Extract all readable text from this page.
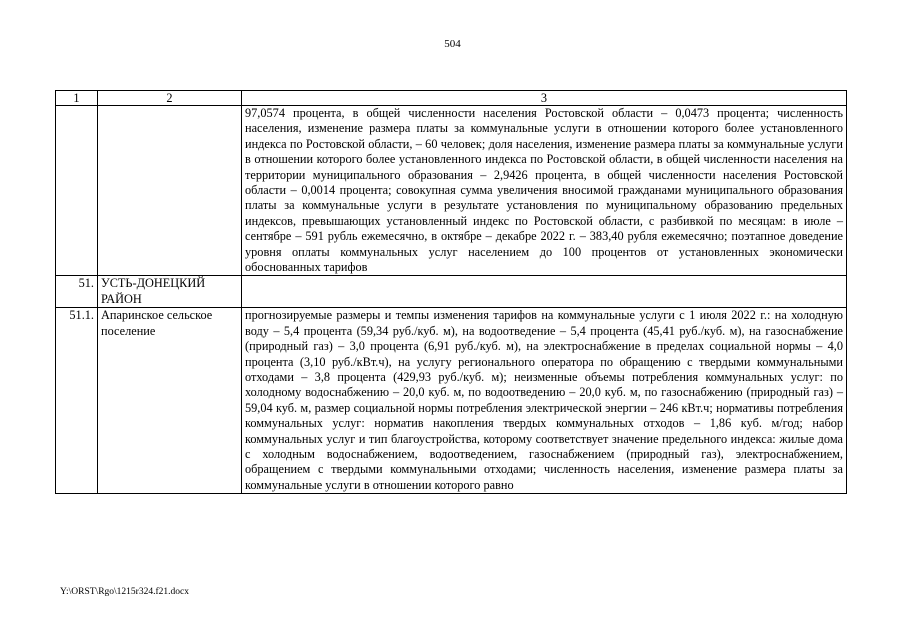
504
1	2	3
		97,0574 процента, в общей численности населения Ростовской области – 0,0473 процента; численность населения, изменение размера платы за коммунальные услуги в отношении которого более установленного индекса по Ростовской области, – 60 человек; доля населения, изменение размера платы за коммунальные услуги в отношении которого более установленного индекса по Ростовской области, в общей численности населения на территории муниципального образования – 2,9426 процента, в общей численности населения Ростовской области – 0,0014 процента; совокупная сумма увеличения вносимой гражданами муниципального образования платы за коммунальные услуги в результате установления по муниципальному образованию предельных индексов, превышающих установленный индекс по Ростовской области, с разбивкой по месяцам: в июле – сентябре – 591 рубль ежемесячно, в октябре – декабре 2022 г. – 383,40 рубля ежемесячно; поэтапное доведение уровня оплаты коммунальных услуг населением до 100 процентов от установленных экономически обоснованных тарифов
51.	УСТЬ-ДОНЕЦКИЙ РАЙОН	
51.1.	Апаринское сельское поселение	прогнозируемые размеры и темпы изменения тарифов на коммунальные услуги с 1 июля 2022 г.: на холодную воду – 5,4 процента (59,34 руб./куб. м), на водоотведение – 5,4 процента (45,41 руб./куб. м), на газоснабжение (природный газ) – 3,0 процента (6,91 руб./куб. м), на электроснабжение в пределах социальной нормы – 4,0 процента (3,10 руб./кВт.ч), на услугу регионального оператора по обращению с твердыми коммунальными отходами – 3,8 процента (429,93 руб./куб. м); неизменные объемы потребления коммунальных услуг: по холодному водоснабжению – 20,0 куб. м, по водоотведению – 20,0 куб. м, по газоснабжению (природный газ) – 59,04 куб. м, размер социальной нормы потребления электрической энергии – 246 кВт.ч; нормативы потребления коммунальных услуг: норматив накопления твердых коммунальных отходов – 1,86 куб. м/год; набор коммунальных услуг и тип благоустройства, которому соответствует значение предельного индекса: жилые дома с холодным водоснабжением, водоотведением, газоснабжением (природный газ), электроснабжением, обращением с твердыми коммунальными отходами; численность населения, изменение размера платы за коммунальные услуги в отношении которого равно
Y:\ORST\Rgo\1215r324.f21.docx
